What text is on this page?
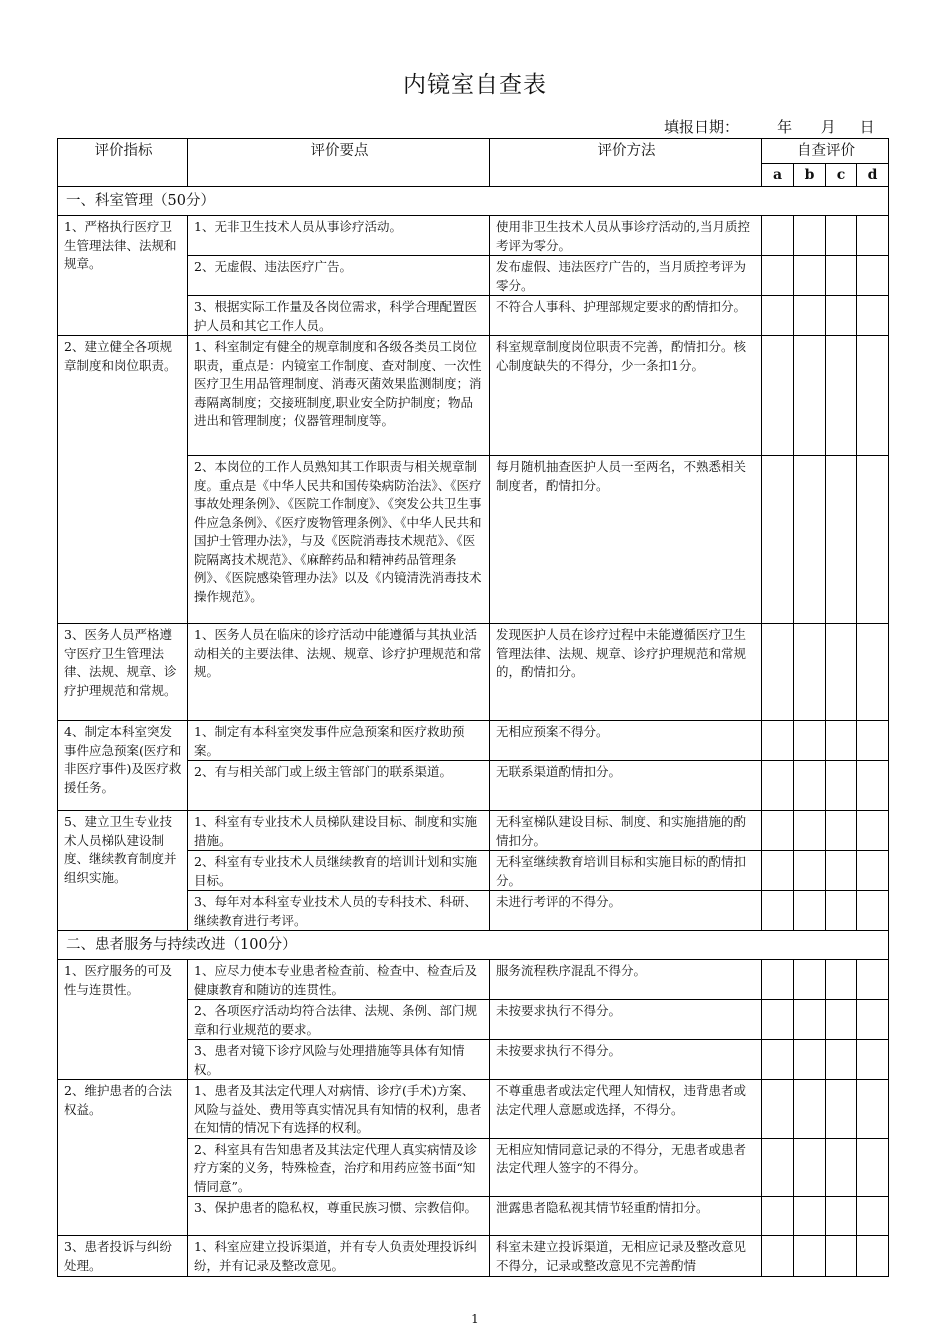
内镜室自查表
填报日期：        年      月     日
评价指标	评价要点	评价方法	自查评价			
			a	b	c	d
一、科室管理（50分）						
1、严格执行医疗卫生管理法律、法规和规章。	1、无非卫生技术人员从事诊疗活动。	使用非卫生技术人员从事诊疗活动的,当月质控考评为零分。				
	2、无虚假、违法医疗广告。	发布虚假、违法医疗广告的，当月质控考评为零分。				
	3、根据实际工作量及各岗位需求，科学合理配置医护人员和其它工作人员。	不符合人事科、护理部规定要求的酌情扣分。				
2、建立健全各项规章制度和岗位职责。	1、科室制定有健全的规章制度和各级各类员工岗位职责，重点是：内镜室工作制度、查对制度、一次性医疗卫生用品管理制度、消毒灭菌效果监测制度；消毒隔离制度；交接班制度,职业安全防护制度；物品进出和管理制度；仪器管理制度等。	科室规章制度岗位职责不完善，酌情扣分。核心制度缺失的不得分，少一条扣1分。				
	2、本岗位的工作人员熟知其工作职责与相关规章制度。重点是《中华人民共和国传染病防治法》、《医疗事故处理条例》、《医院工作制度》、《突发公共卫生事件应急条例》、《医疗废物管理条例》、《中华人民共和国护士管理办法》，与及《医院消毒技术规范》、《医院隔离技术规范》、《麻醉药品和精神药品管理条例》、《医院感染管理办法》以及《内镜清洗消毒技术操作规范》。	每月随机抽查医护人员一至两名，不熟悉相关制度者，酌情扣分。				
3、医务人员严格遵守医疗卫生管理法律、法规、规章、诊疗护理规范和常规。	1、医务人员在临床的诊疗活动中能遵循与其执业活动相关的主要法律、法规、规章、诊疗护理规范和常规。	发现医护人员在诊疗过程中未能遵循医疗卫生管理法律、法规、规章、诊疗护理规范和常规的，酌情扣分。				
4、制定本科室突发事件应急预案(医疗和非医疗事件)及医疗救援任务。	1、制定有本科室突发事件应急预案和医疗救助预案。	无相应预案不得分。				
	2、有与相关部门或上级主管部门的联系渠道。	无联系渠道酌情扣分。				
5、建立卫生专业技术人员梯队建设制度、继续教育制度并组织实施。	1、科室有专业技术人员梯队建设目标、制度和实施措施。	无科室梯队建设目标、制度、和实施措施的酌情扣分。				
	2、科室有专业技术人员继续教育的培训计划和实施目标。	无科室继续教育培训目标和实施目标的酌情扣分。				
	3、每年对本科室专业技术人员的专科技术、科研、继续教育进行考评。	未进行考评的不得分。				
二、患者服务与持续改进（100分）						
1、医疗服务的可及性与连贯性。	1、应尽力使本专业患者检查前、检查中、检查后及健康教育和随访的连贯性。	服务流程秩序混乱不得分。				
	2、各项医疗活动均符合法律、法规、条例、部门规章和行业规范的要求。	未按要求执行不得分。				
	3、患者对镜下诊疗风险与处理措施等具体有知情权。	未按要求执行不得分。				
2、维护患者的合法权益。	1、患者及其法定代理人对病情、诊疗(手术)方案、风险与益处、费用等真实情况具有知情的权利，患者在知情的情况下有选择的权利。	不尊重患者或法定代理人知情权，违背患者或法定代理人意愿或选择，不得分。				
	2、科室具有告知患者及其法定代理人真实病情及诊疗方案的义务，特殊检查，治疗和用药应签书面“知情同意”。	无相应知情同意记录的不得分，无患者或患者法定代理人签字的不得分。				
	3、保护患者的隐私权，尊重民族习惯、宗教信仰。	泄露患者隐私视其情节轻重酌情扣分。				
3、患者投诉与纠纷处理。	1、科室应建立投诉渠道，并有专人负责处理投诉纠纷，并有记录及整改意见。	科室未建立投诉渠道，无相应记录及整改意见不得分，记录或整改意见不完善酌情				
1
